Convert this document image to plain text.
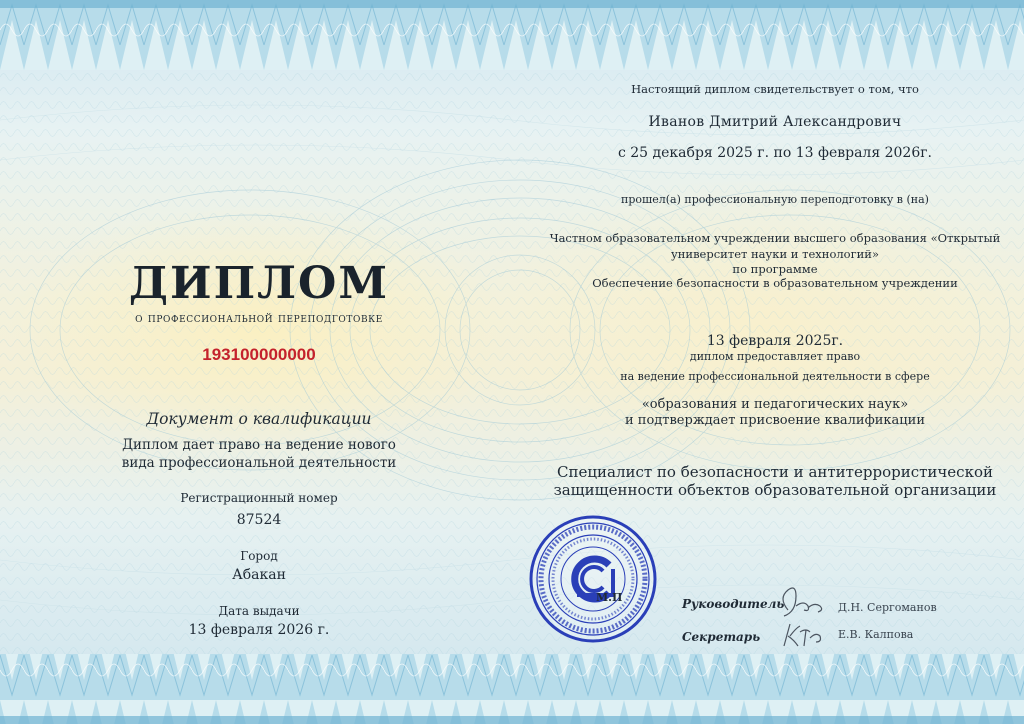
ДИПЛОМ
о профессиональной переподготовке
193100000000
Документ о квалификации
Диплом дает право на ведение нового
вида профессиональной деятельности
Регистрационный номер
87524
Город
Абакан
Дата выдачи
13 февраля 2026 г.
Настоящий диплом свидетельствует о том, что
Иванов Дмитрий Александрович
с 25 декабря 2025 г. по 13 февраля 2026г.
прошел(а) профессиональную переподготовку в (на)
Частном образовательном учреждении высшего образования «Открытый
университет науки и технологий»
по программе
Обеспечение безопасности в образовательном учреждении
13 февраля 2025г.
диплом предоставляет право
на ведение профессиональной деятельности в сфере
«образования и педагогических наук»
и подтверждает присвоение квалификации
Специалист по безопасности и антитеррористической
защищенности объектов образовательной организации
М.П	Руководитель	Д.Н. Сергоманов
Секретарь	Е.В. Калпова
